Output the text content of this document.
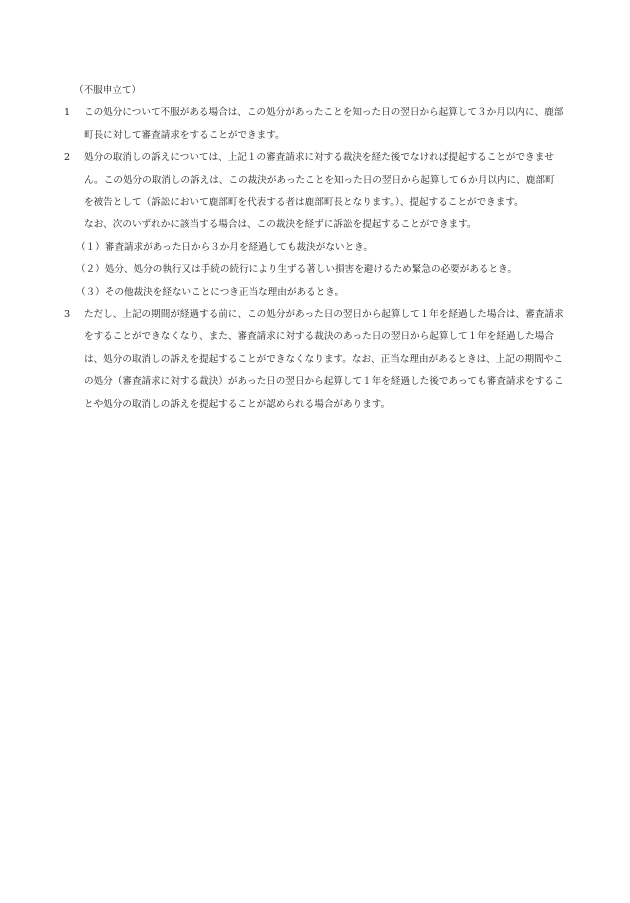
（不服申立て）
1	この処分について不服がある場合は、この処分があったことを知った日の翌日から起算して３か月以内に、鹿部町長に対して審査請求をすることができます。
2	処分の取消しの訴えについては、上記１の審査請求に対する裁決を経た後でなければ提起することができません。この処分の取消しの訴えは、この裁決があったことを知った日の翌日から起算して６か月以内に、鹿部町を被告として（訴訟において鹿部町を代表する者は鹿部町長となります。）、提起することができます。
なお、次のいずれかに該当する場合は、この裁決を経ずに訴訟を提起することができます。
（１）審査請求があった日から３か月を経過しても裁決がないとき。
（２）処分、処分の執行又は手続の続行により生ずる著しい損害を避けるため緊急の必要があるとき。
（３）その他裁決を経ないことにつき正当な理由があるとき。
3	ただし、上記の期間が経過する前に、この処分があった日の翌日から起算して１年を経過した場合は、審査請求をすることができなくなり、また、審査請求に対する裁決のあった日の翌日から起算して１年を経過した場合は、処分の取消しの訴えを提起することができなくなります。なお、正当な理由があるときは、上記の期間やこの処分（審査請求に対する裁決）があった日の翌日から起算して１年を経過した後であっても審査請求をすることや処分の取消しの訴えを提起することが認められる場合があります。
